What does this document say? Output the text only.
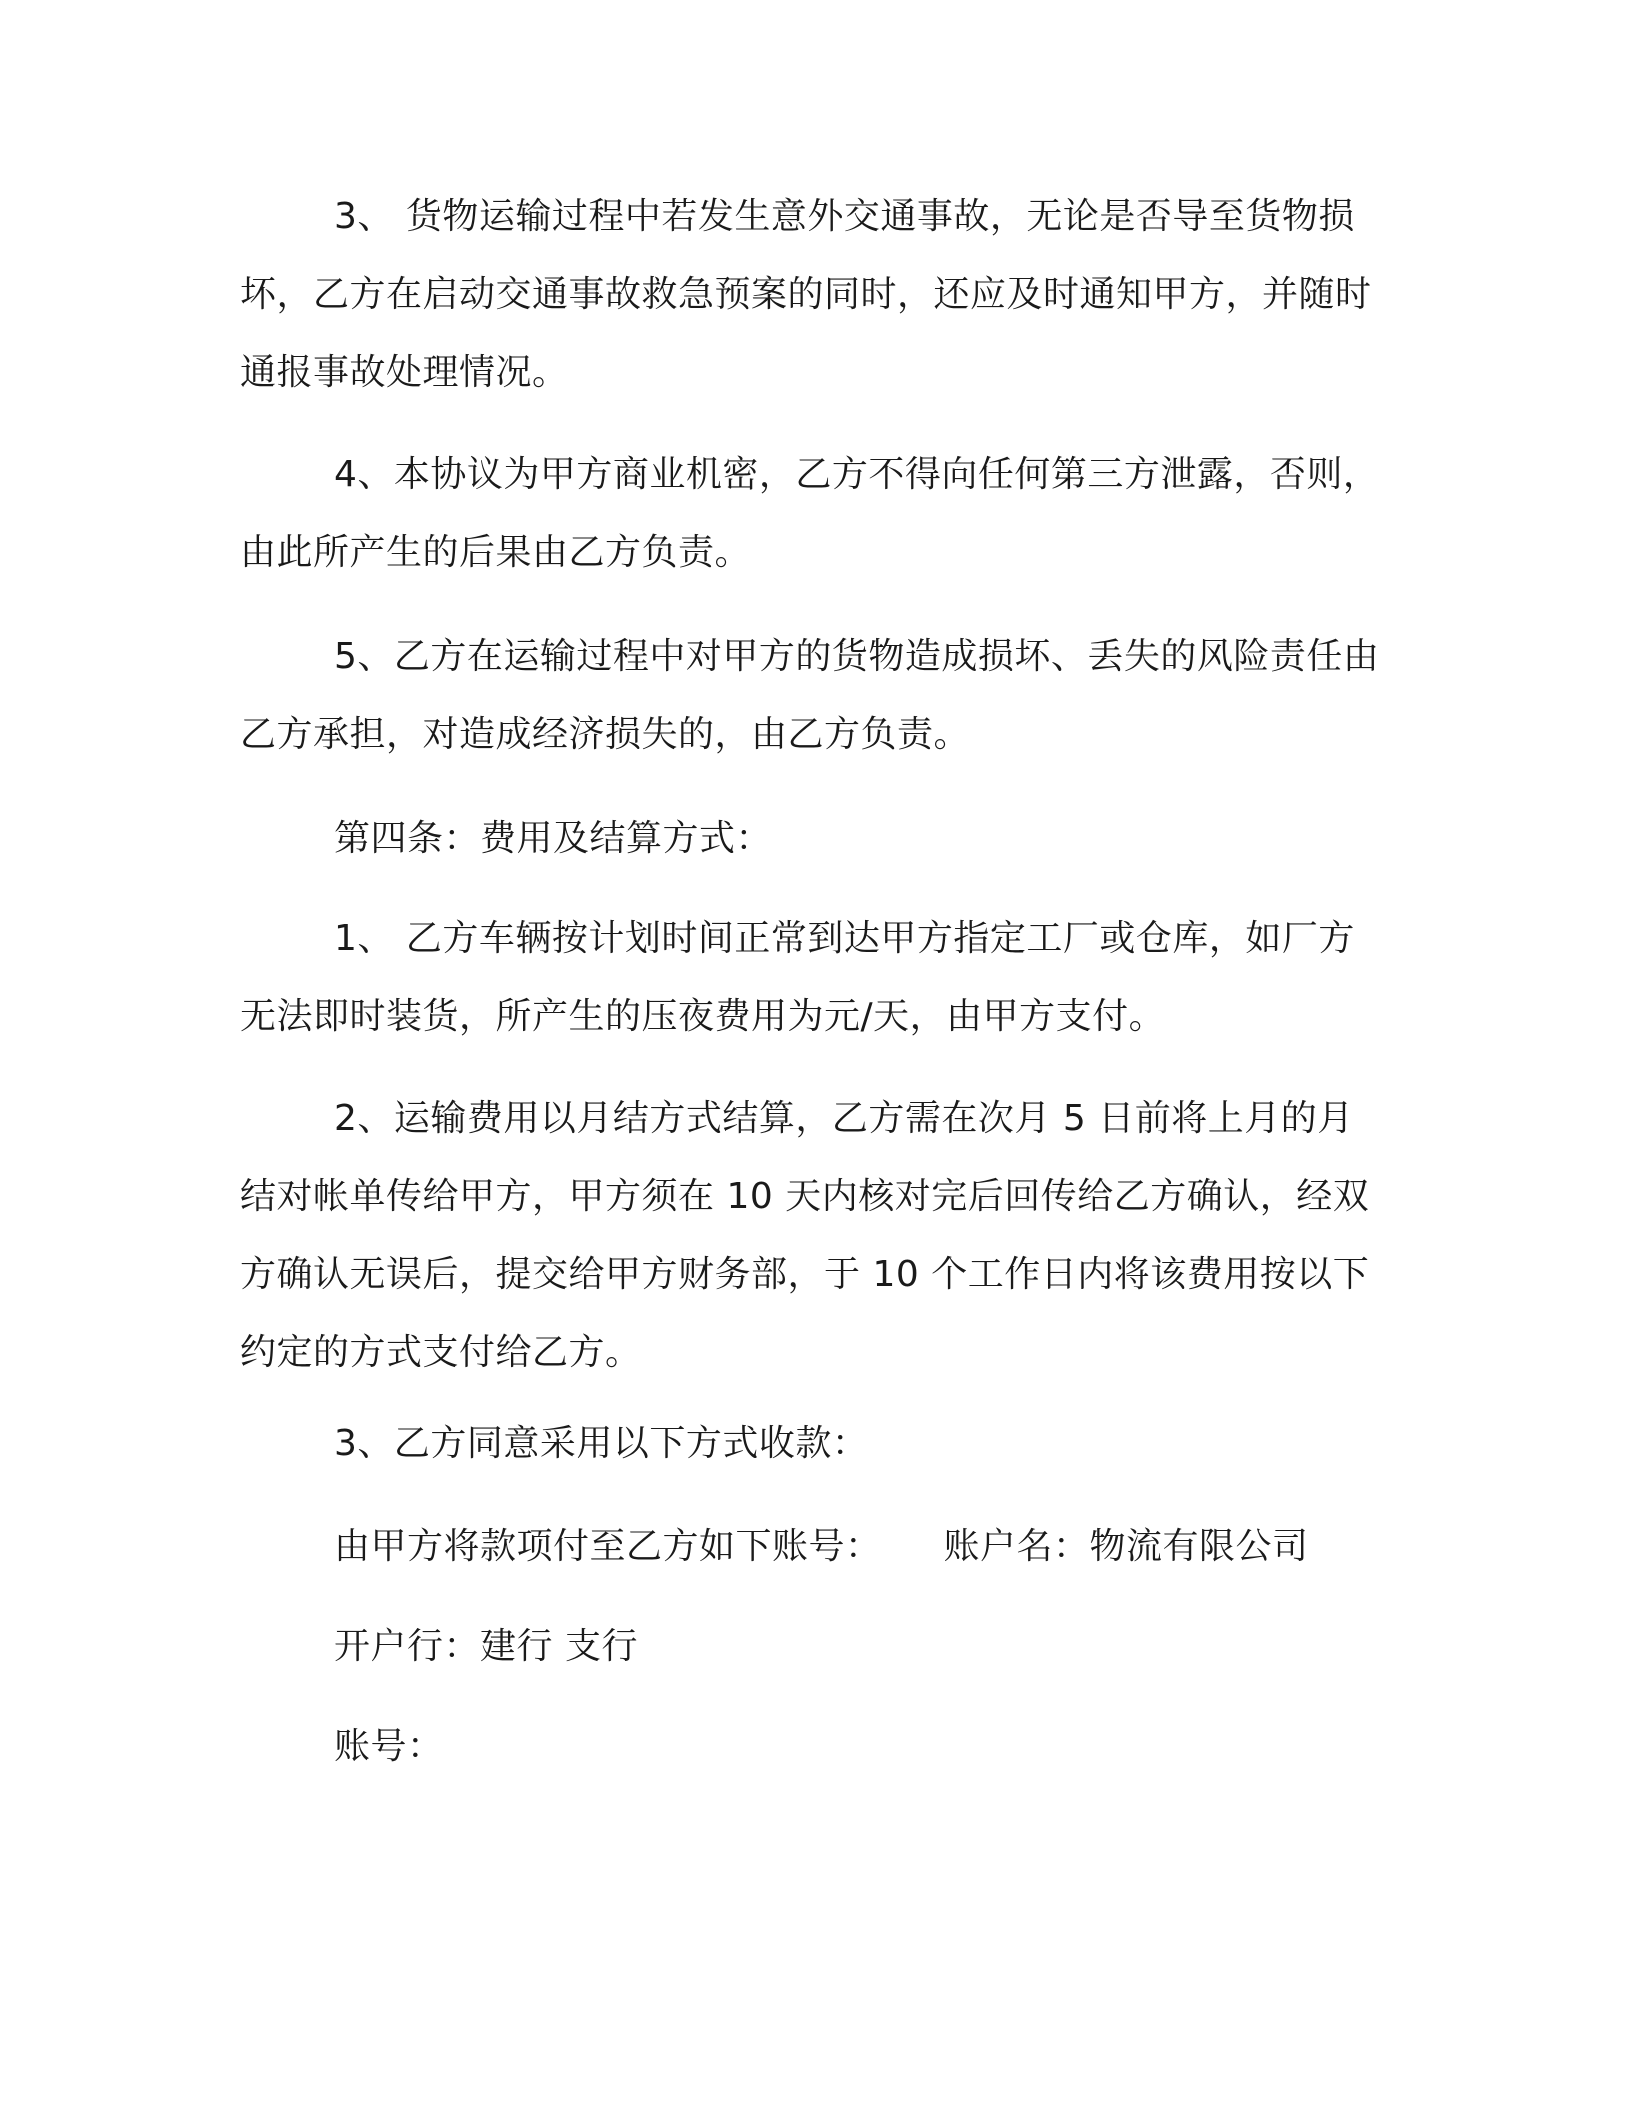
3、 货物运输过程中若发生意外交通事故，无论是否导至货物损坏，乙方在启动交通事故救急预案的同时，还应及时通知甲方，并随时通报事故处理情况。

4、本协议为甲方商业机密，乙方不得向任何第三方泄露，否则，由此所产生的后果由乙方负责。

5、乙方在运输过程中对甲方的货物造成损坏、丢失的风险责任由乙方承担，对造成经济损失的，由乙方负责。

第四条：费用及结算方式：

1、 乙方车辆按计划时间正常到达甲方指定工厂或仓库，如厂方无法即时装货，所产生的压夜费用为元/天，由甲方支付。

2、运输费用以月结方式结算，乙方需在次月 5 日前将上月的月结对帐单传给甲方，甲方须在 10 天内核对完后回传给乙方确认，经双方确认无误后，提交给甲方财务部，于 10 个工作日内将该费用按以下约定的方式支付给乙方。

3、乙方同意采用以下方式收款：

由甲方将款项付至乙方如下账号： 账户名：物流有限公司

开户行：建行 支行

账号：
